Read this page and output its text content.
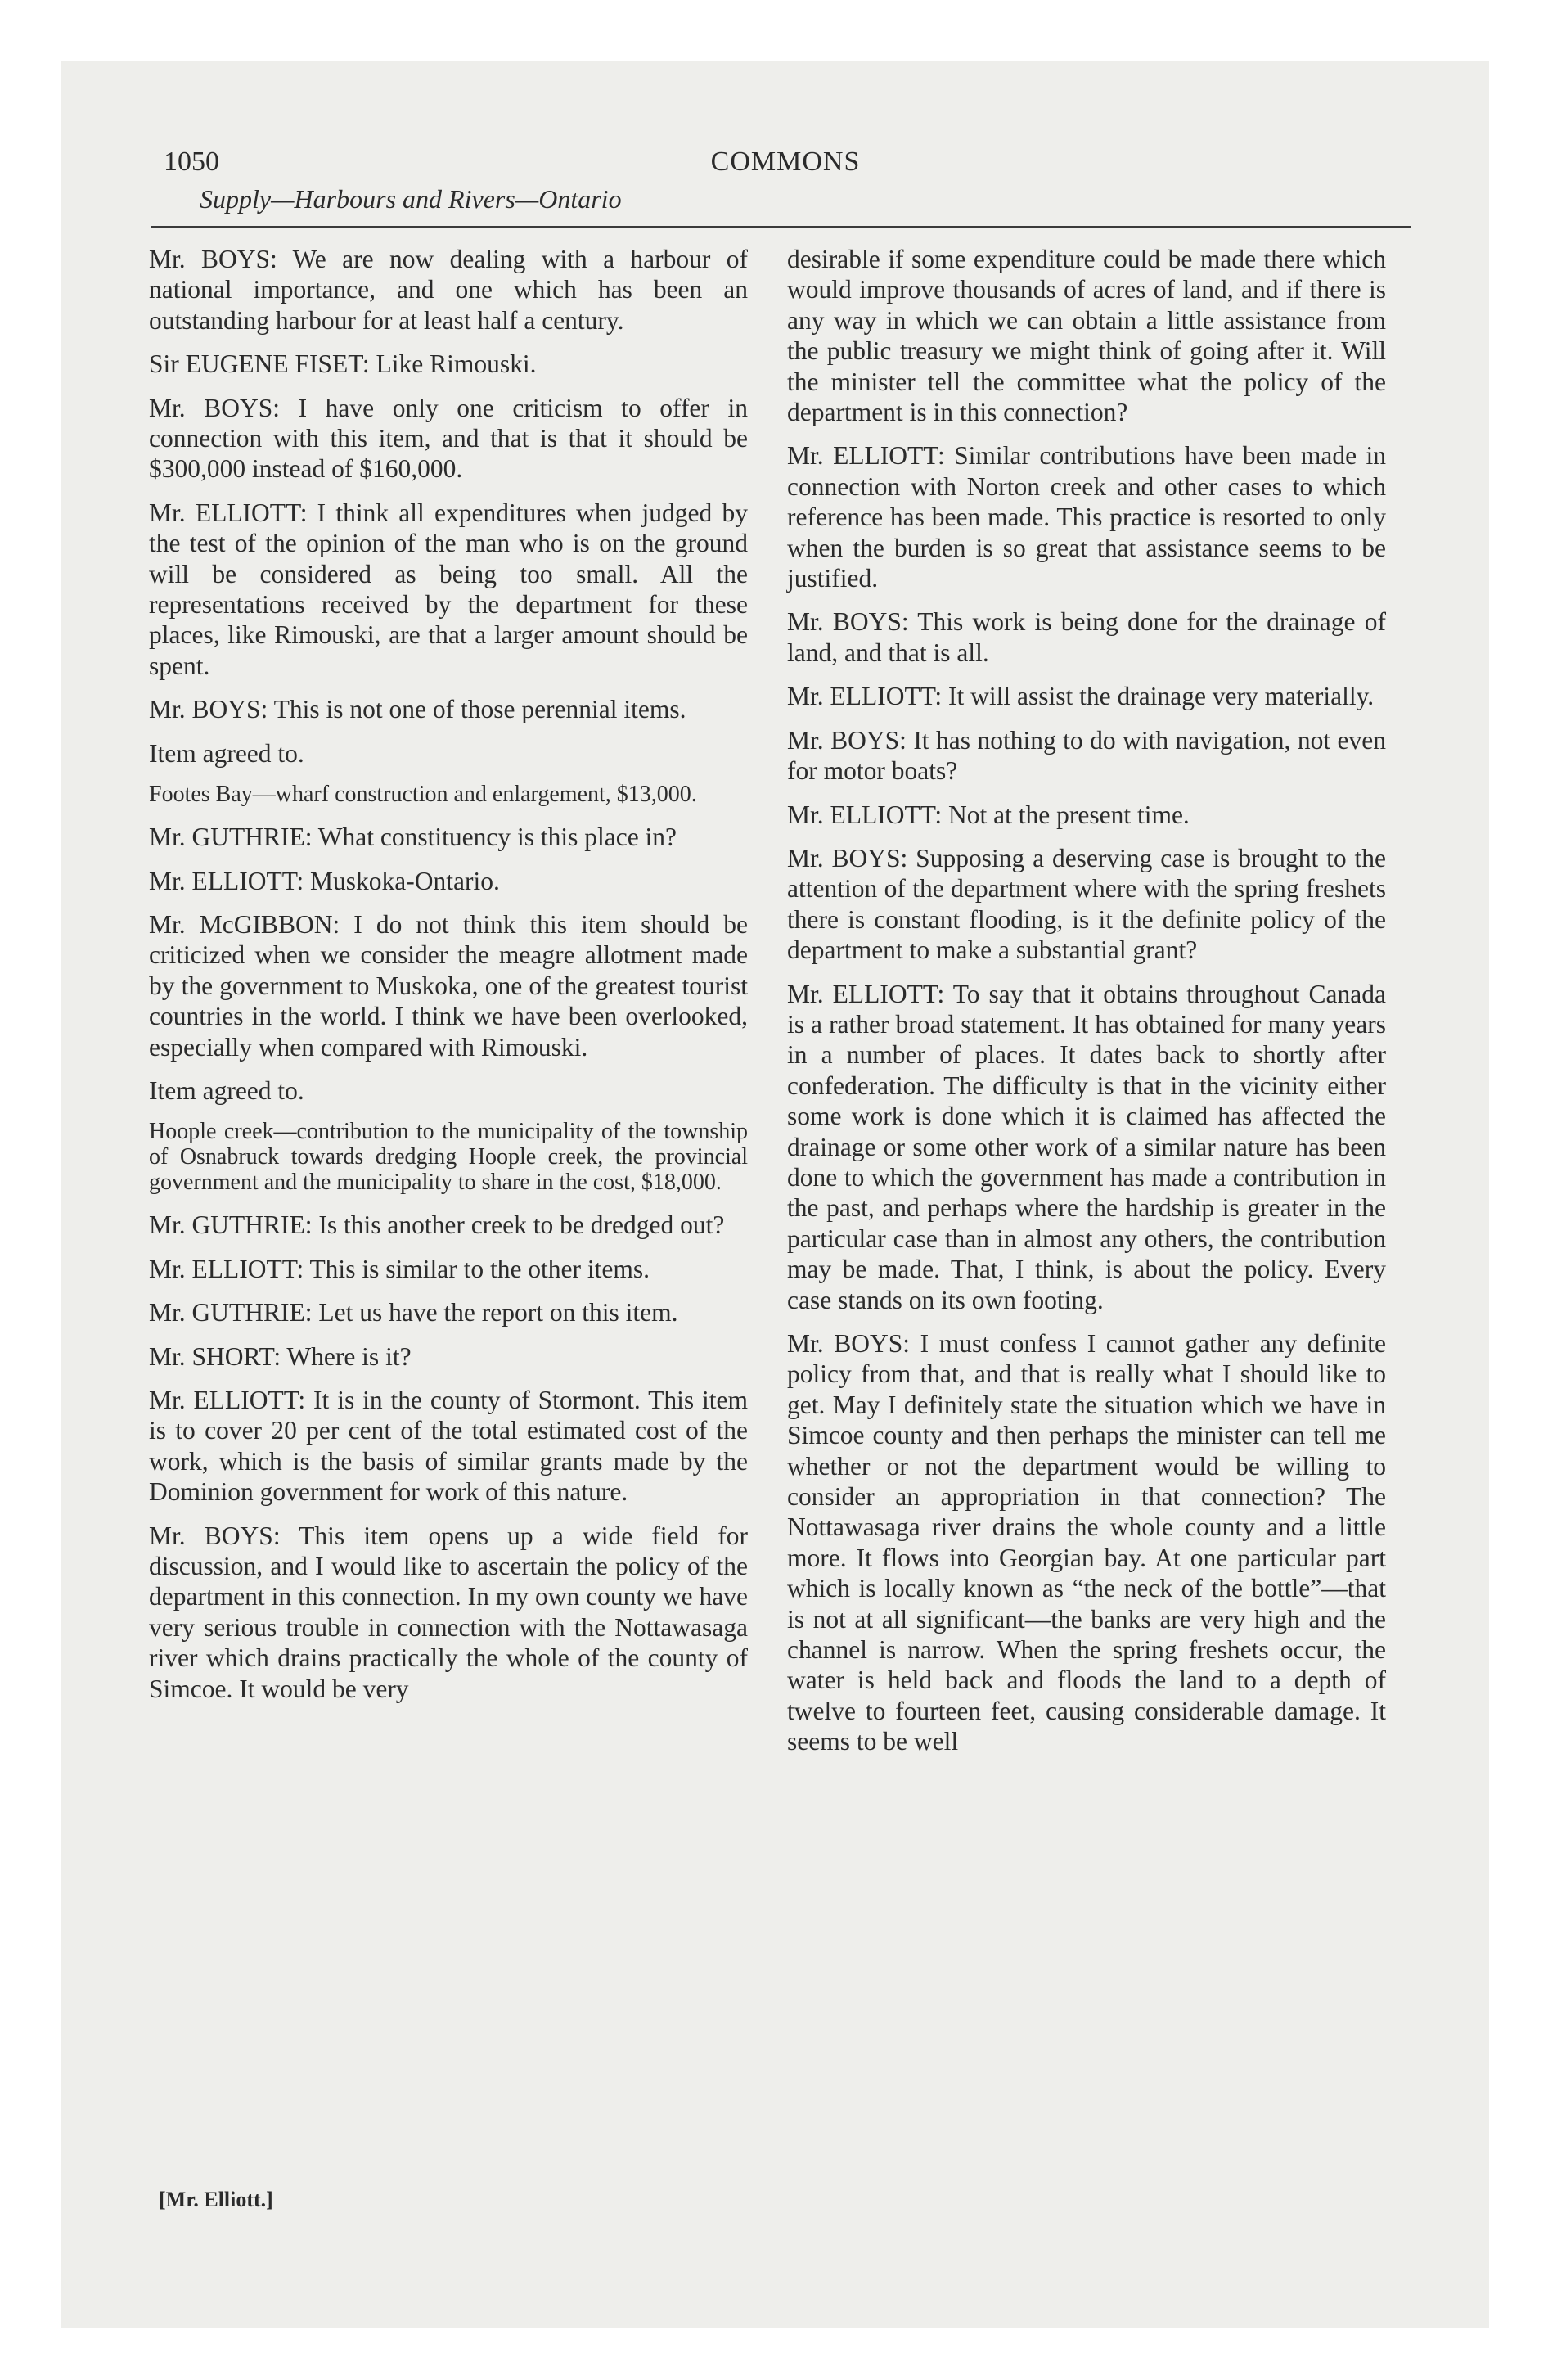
1050	COMMONS
Supply—Harbours and Rivers—Ontario

Mr. BOYS: We are now dealing with a harbour of national importance, and one which has been an outstanding harbour for at least half a century.

Sir EUGENE FISET: Like Rimouski.

Mr. BOYS: I have only one criticism to offer in connection with this item, and that is that it should be $300,000 instead of $160,000.

Mr. ELLIOTT: I think all expenditures when judged by the test of the opinion of the man who is on the ground will be considered as being too small. All the representations received by the department for these places, like Rimouski, are that a larger amount should be spent.

Mr. BOYS: This is not one of those perennial items.

Item agreed to.

Footes Bay—wharf construction and enlargement, $13,000.

Mr. GUTHRIE: What constituency is this place in?

Mr. ELLIOTT: Muskoka-Ontario.

Mr. McGIBBON: I do not think this item should be criticized when we consider the meagre allotment made by the government to Muskoka, one of the greatest tourist countries in the world. I think we have been overlooked, especially when compared with Rimouski.

Item agreed to.

Hoople creek—contribution to the municipality of the township of Osnabruck towards dredging Hoople creek, the provincial government and the municipality to share in the cost, $18,000.

Mr. GUTHRIE: Is this another creek to be dredged out?

Mr. ELLIOTT: This is similar to the other items.

Mr. GUTHRIE: Let us have the report on this item.

Mr. SHORT: Where is it?

Mr. ELLIOTT: It is in the county of Stormont. This item is to cover 20 per cent of the total estimated cost of the work, which is the basis of similar grants made by the Dominion government for work of this nature.

Mr. BOYS: This item opens up a wide field for discussion, and I would like to ascertain the policy of the department in this connection. In my own county we have very serious trouble in connection with the Nottawasaga river which drains practically the whole of the county of Simcoe. It would be very

desirable if some expenditure could be made there which would improve thousands of acres of land, and if there is any way in which we can obtain a little assistance from the public treasury we might think of going after it. Will the minister tell the committee what the policy of the department is in this connection?

Mr. ELLIOTT: Similar contributions have been made in connection with Norton creek and other cases to which reference has been made. This practice is resorted to only when the burden is so great that assistance seems to be justified.

Mr. BOYS: This work is being done for the drainage of land, and that is all.

Mr. ELLIOTT: It will assist the drainage very materially.

Mr. BOYS: It has nothing to do with navigation, not even for motor boats?

Mr. ELLIOTT: Not at the present time.

Mr. BOYS: Supposing a deserving case is brought to the attention of the department where with the spring freshets there is constant flooding, is it the definite policy of the department to make a substantial grant?

Mr. ELLIOTT: To say that it obtains throughout Canada is a rather broad statement. It has obtained for many years in a number of places. It dates back to shortly after confederation. The difficulty is that in the vicinity either some work is done which it is claimed has affected the drainage or some other work of a similar nature has been done to which the government has made a contribution in the past, and perhaps where the hardship is greater in the particular case than in almost any others, the contribution may be made. That, I think, is about the policy. Every case stands on its own footing.

Mr. BOYS: I must confess I cannot gather any definite policy from that, and that is really what I should like to get. May I definitely state the situation which we have in Simcoe county and then perhaps the minister can tell me whether or not the department would be willing to consider an appropriation in that connection? The Nottawasaga river drains the whole county and a little more. It flows into Georgian bay. At one particular part which is locally known as “the neck of the bottle”—that is not at all significant—the banks are very high and the channel is narrow. When the spring freshets occur, the water is held back and floods the land to a depth of twelve to fourteen feet, causing considerable damage. It seems to be well

[Mr. Elliott.]
